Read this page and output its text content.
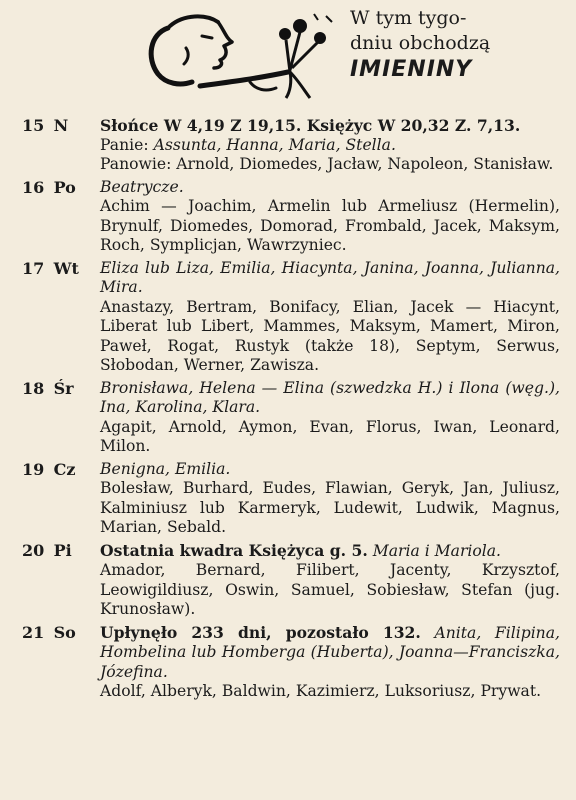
W tym tygo-
dniu obchodzą
IMIENINY
15 N	Słońce W 4,19 Z 19,15. Księżyc W 20,32 Z. 7,13.
Panie: Assunta, Hanna, Maria, Stella.
Panowie: Arnold, Diomedes, Jacław, Napoleon, Stanisław.
16 Po	Beatrycze.
Achim — Joachim, Armelin lub Armeliusz (Hermelin), Brynulf, Diomedes, Domorad, Frombald, Jacek, Maksym, Roch, Symplicjan, Wawrzyniec.
17 Wt	Eliza lub Liza, Emilia, Hiacynta, Janina, Joanna, Julianna, Mira.
Anastazy, Bertram, Bonifacy, Elian, Jacek — Hiacynt, Liberat lub Libert, Mammes, Maksym, Mamert, Miron, Paweł, Rogat, Rustyk (także 18), Septym, Serwus, Słobodan, Werner, Zawisza.
18 Śr	Bronisława, Helena — Elina (szwedzka H.) i Ilona (węg.), Ina, Karolina, Klara.
Agapit, Arnold, Aymon, Evan, Florus, Iwan, Leonard, Milon.
19 Cz	Benigna, Emilia.
Bolesław, Burhard, Eudes, Flawian, Geryk, Jan, Juliusz, Kalminiusz lub Karmeryk, Ludewit, Ludwik, Magnus, Marian, Sebald.
20 Pi	Ostatnia kwadra Księżyca g. 5. Maria i Mariola.
Amador, Bernard, Filibert, Jacenty, Krzysztof, Leowigildiusz, Oswin, Samuel, Sobiesław, Stefan (jug. Krunosław).
21 So	Upłynęło 233 dni, pozostało 132. Anita, Filipina, Hombelina lub Homberga (Huberta), Joanna—Franciszka, Józefina.
Adolf, Alberyk, Baldwin, Kazimierz, Luksoriusz, Prywat.
